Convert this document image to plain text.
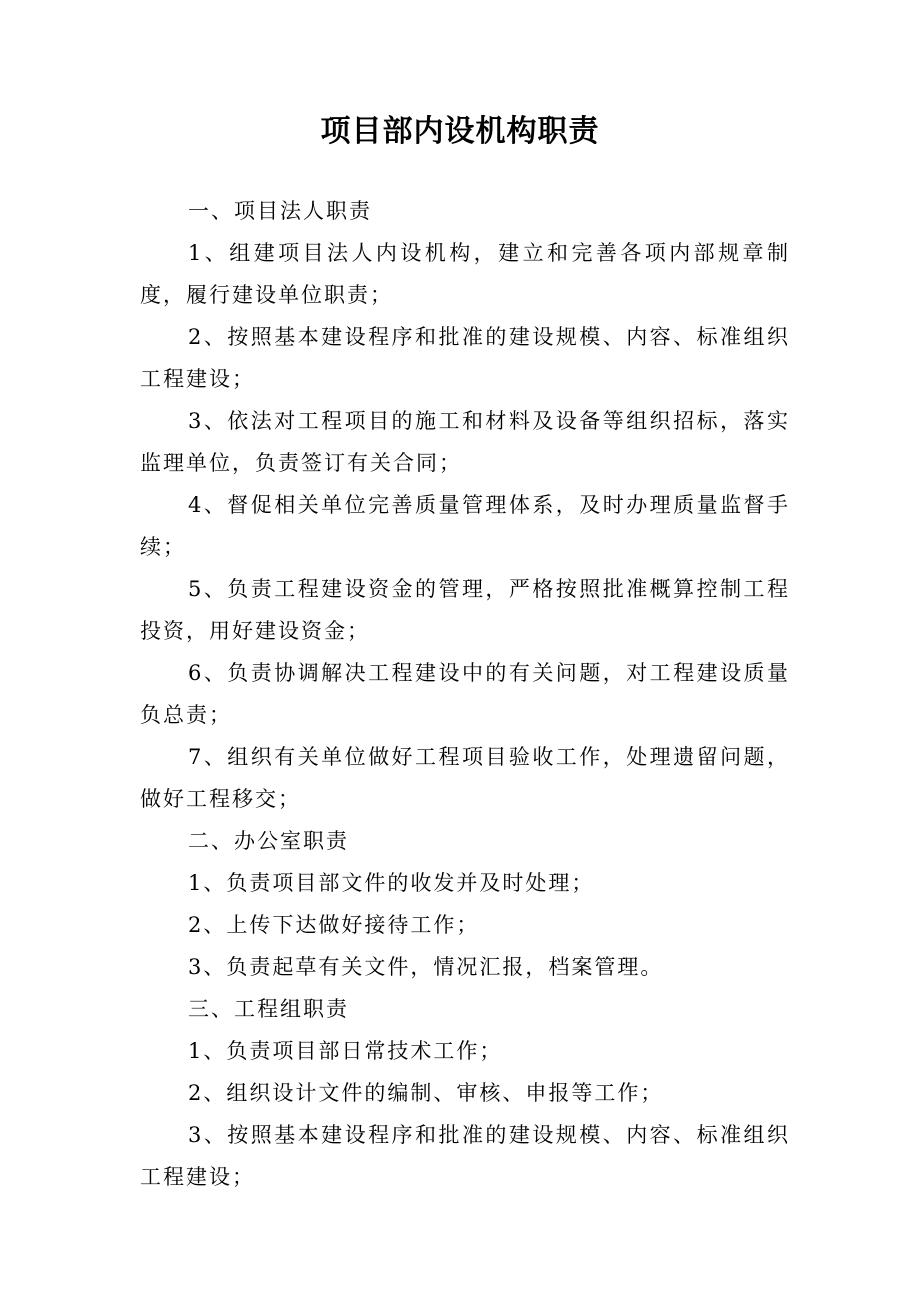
项目部内设机构职责

一、项目法人职责

1、组建项目法人内设机构，建立和完善各项内部规章制度，履行建设单位职责；

2、按照基本建设程序和批准的建设规模、内容、标准组织工程建设；

3、依法对工程项目的施工和材料及设备等组织招标，落实监理单位，负责签订有关合同；

4、督促相关单位完善质量管理体系，及时办理质量监督手续；

5、负责工程建设资金的管理，严格按照批准概算控制工程投资，用好建设资金；

6、负责协调解决工程建设中的有关问题，对工程建设质量负总责；

7、组织有关单位做好工程项目验收工作，处理遗留问题，做好工程移交；

二、办公室职责

1、负责项目部文件的收发并及时处理；

2、上传下达做好接待工作；

3、负责起草有关文件，情况汇报，档案管理。

三、工程组职责

1、负责项目部日常技术工作；

2、组织设计文件的编制、审核、申报等工作；

3、按照基本建设程序和批准的建设规模、内容、标准组织工程建设；
